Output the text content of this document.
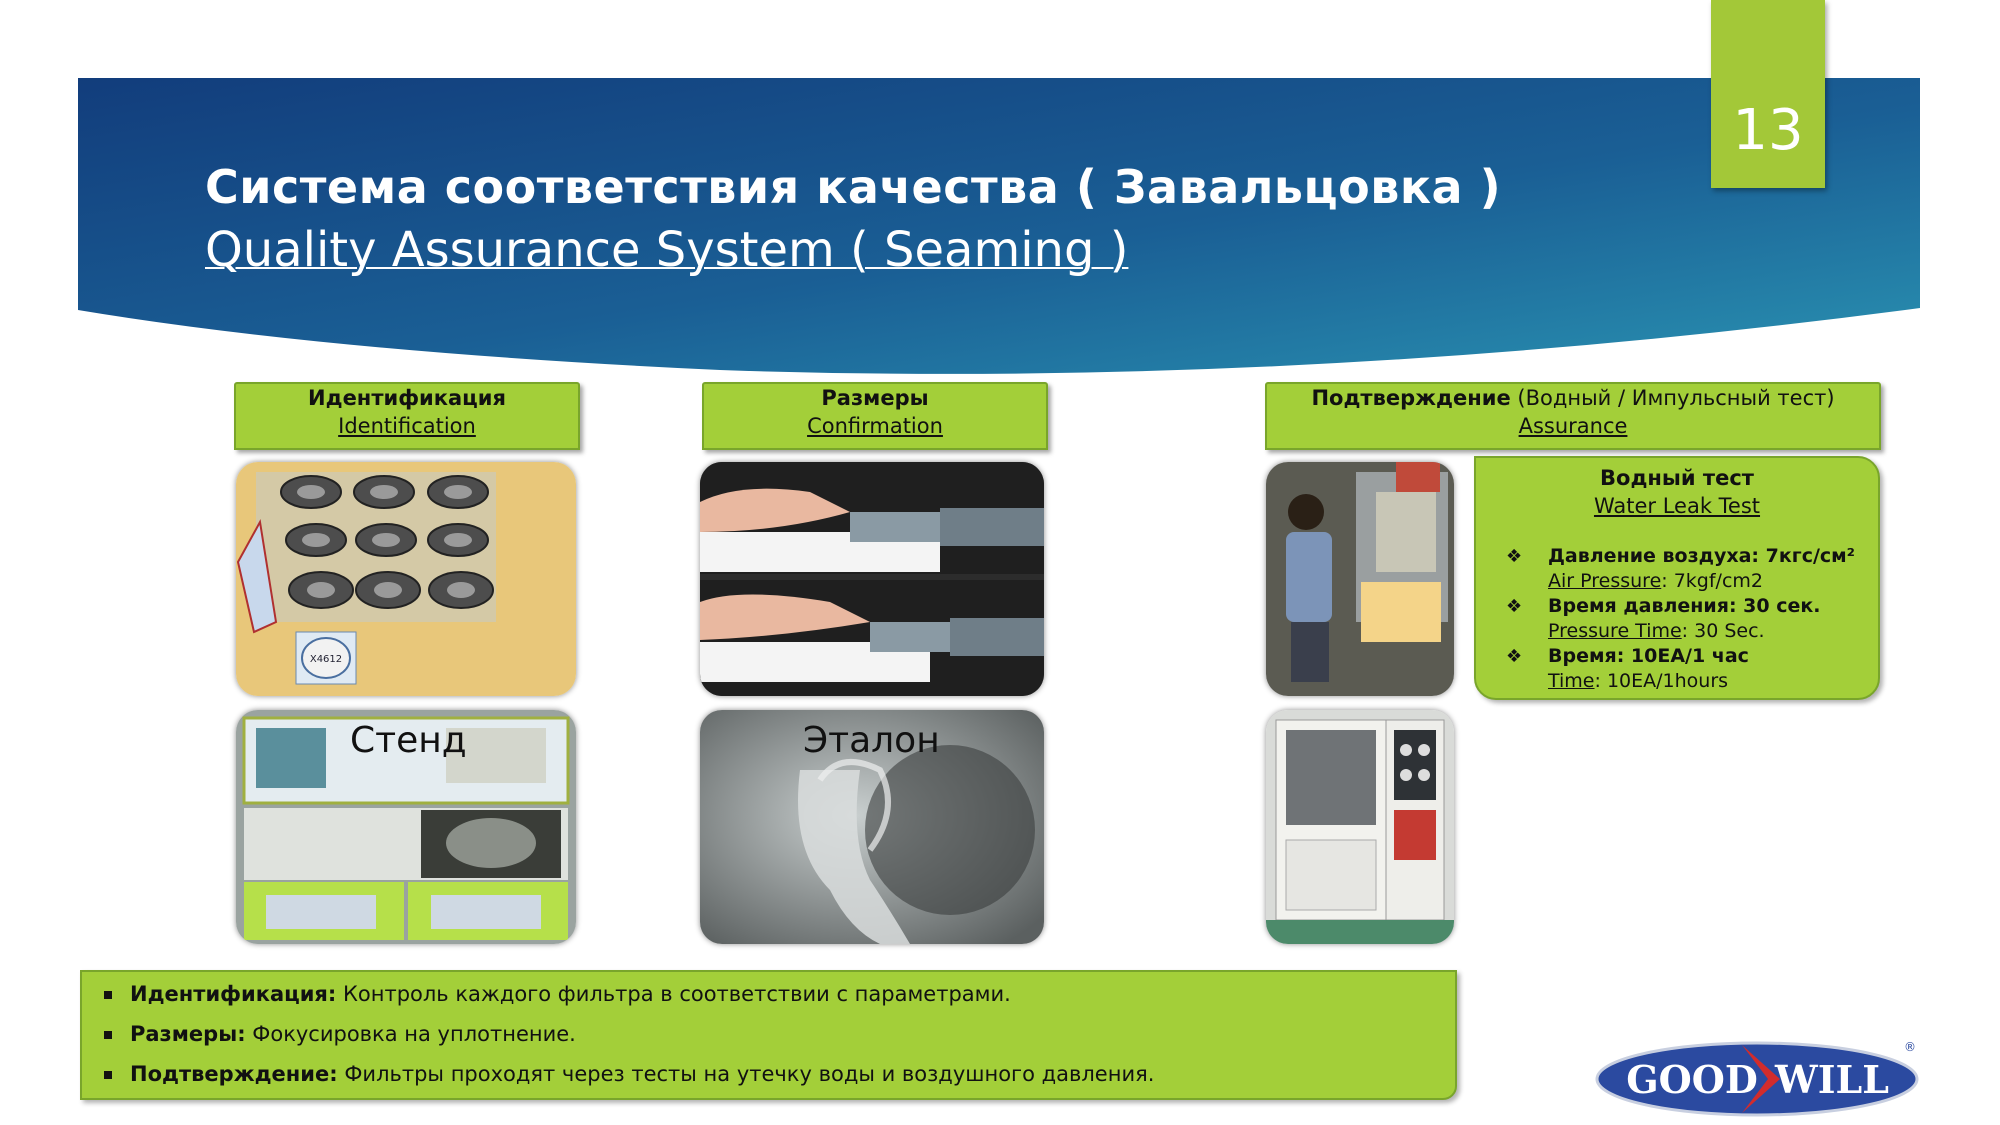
Система соответствия качества ( Завальцовка )
Quality Assurance System ( Seaming )
13
Идентификация
Identification
Размеры
Confirmation
Подтверждение (Водный / Импульсный тест)
Assurance
X4612
Водный тест
Water Leak Test
❖ Давление воздуха: 7кгс/см²
Air Pressure: 7kgf/cm2
❖ Время давления: 30 сек.
Pressure Time: 30 Sec.
❖ Время: 10EA/1 час
Time: 10EA/1hours
Стенд	Эталон
Идентификация: Контроль каждого фильтра в соответствии с параметрами.
Размеры: Фокусировка на уплотнение.
Подтверждение: Фильтры проходят через тесты на утечку воды и воздушного давления.	GOOD WILL
®
